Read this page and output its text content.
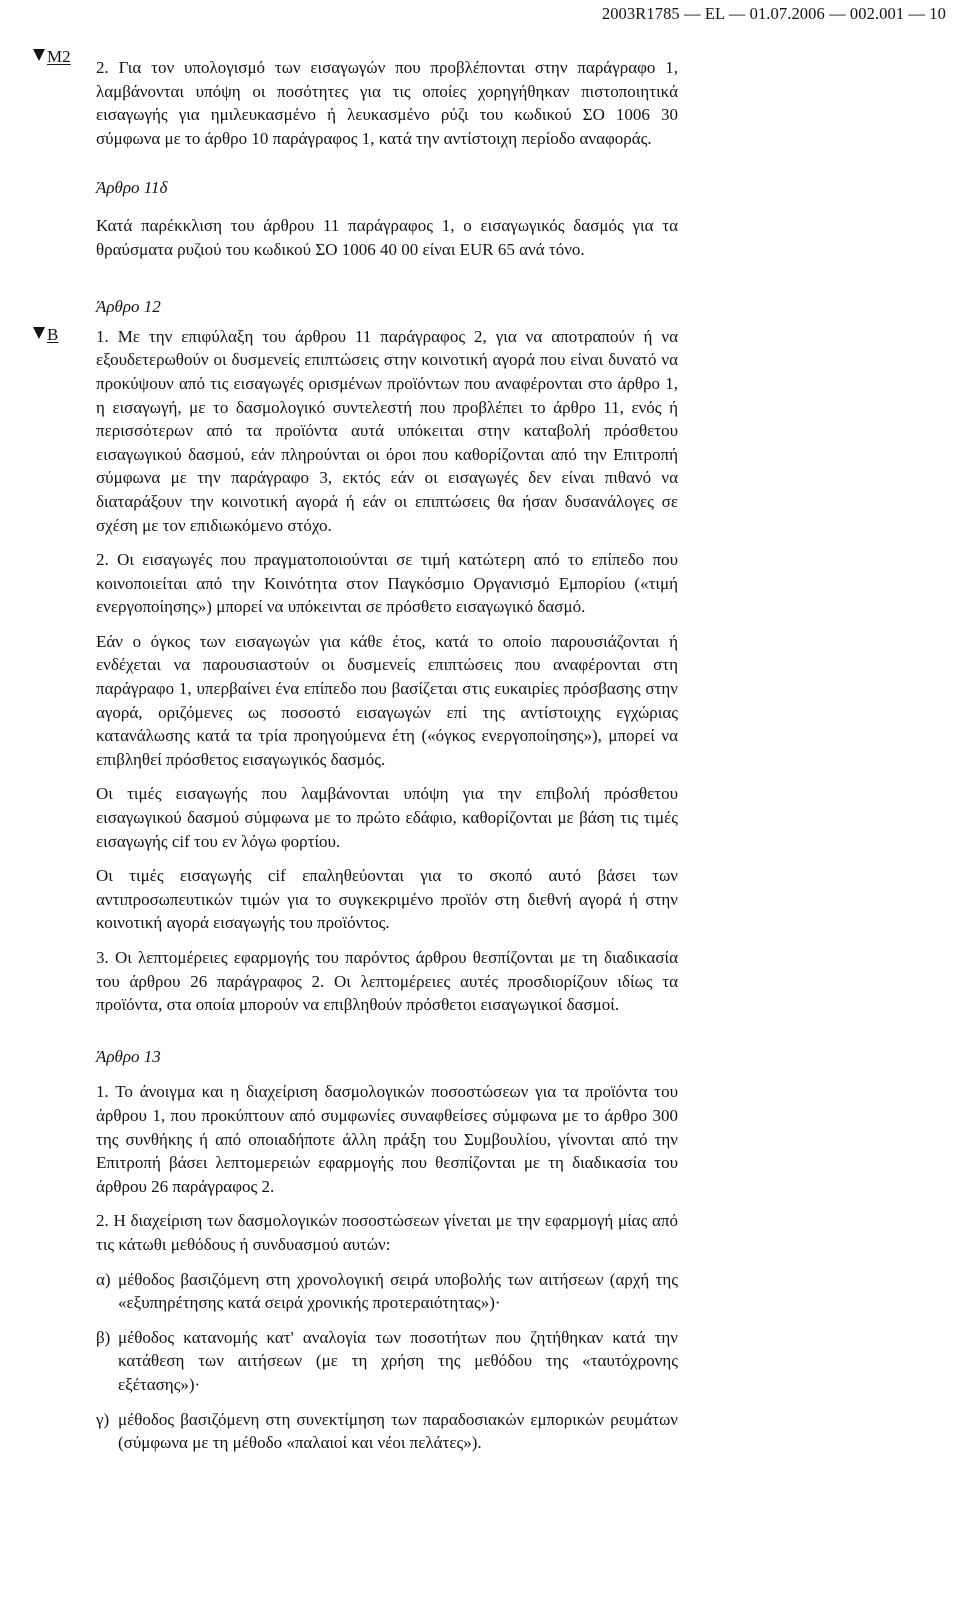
2003R1785 — EL — 01.07.2006 — 002.001 — 10
M2
B

2. Για τον υπολογισμό των εισαγωγών που προβλέπονται στην παράγραφο 1, λαμβάνονται υπόψη οι ποσότητες για τις οποίες χορηγήθηκαν πιστοποιητικά εισαγωγής για ημιλευκασμένο ή λευκασμένο ρύζι του κωδικού ΣΟ 1006 30 σύμφωνα με το άρθρο 10 παράγραφος 1, κατά την αντίστοιχη περίοδο αναφοράς.

Άρθρο 11δ

Κατά παρέκκλιση του άρθρου 11 παράγραφος 1, ο εισαγωγικός δασμός για τα θραύσματα ρυζιού του κωδικού ΣΟ 1006 40 00 είναι EUR 65 ανά τόνο.

Άρθρο 12

1. Με την επιφύλαξη του άρθρου 11 παράγραφος 2, για να αποτραπούν ή να εξουδετερωθούν οι δυσμενείς επιπτώσεις στην κοινοτική αγορά που είναι δυνατό να προκύψουν από τις εισαγωγές ορισμένων προϊόντων που αναφέρονται στο άρθρο 1, η εισαγωγή, με το δασμολογικό συντελεστή που προβλέπει το άρθρο 11, ενός ή περισσότερων από τα προϊόντα αυτά υπόκειται στην καταβολή πρόσθετου εισαγωγικού δασμού, εάν πληρούνται οι όροι που καθορίζονται από την Επιτροπή σύμφωνα με την παράγραφο 3, εκτός εάν οι εισαγωγές δεν είναι πιθανό να διαταράξουν την κοινοτική αγορά ή εάν οι επιπτώσεις θα ήσαν δυσανάλογες σε σχέση με τον επιδιωκόμενο στόχο.

2. Οι εισαγωγές που πραγματοποιούνται σε τιμή κατώτερη από το επίπεδο που κοινοποιείται από την Κοινότητα στον Παγκόσμιο Οργανισμό Εμπορίου («τιμή ενεργοποίησης») μπορεί να υπόκεινται σε πρόσθετο εισαγωγικό δασμό.

Εάν ο όγκος των εισαγωγών για κάθε έτος, κατά το οποίο παρουσιάζονται ή ενδέχεται να παρουσιαστούν οι δυσμενείς επιπτώσεις που αναφέρονται στη παράγραφο 1, υπερβαίνει ένα επίπεδο που βασίζεται στις ευκαιρίες πρόσβασης στην αγορά, οριζόμενες ως ποσοστό εισαγωγών επί της αντίστοιχης εγχώριας κατανάλωσης κατά τα τρία προηγούμενα έτη («όγκος ενεργοποίησης»), μπορεί να επιβληθεί πρόσθετος εισαγωγικός δασμός.

Οι τιμές εισαγωγής που λαμβάνονται υπόψη για την επιβολή πρόσθετου εισαγωγικού δασμού σύμφωνα με το πρώτο εδάφιο, καθορίζονται με βάση τις τιμές εισαγωγής cif του εν λόγω φορτίου.

Οι τιμές εισαγωγής cif επαληθεύονται για το σκοπό αυτό βάσει των αντιπροσωπευτικών τιμών για το συγκεκριμένο προϊόν στη διεθνή αγορά ή στην κοινοτική αγορά εισαγωγής του προϊόντος.

3. Οι λεπτομέρειες εφαρμογής του παρόντος άρθρου θεσπίζονται με τη διαδικασία του άρθρου 26 παράγραφος 2. Οι λεπτομέρειες αυτές προσδιορίζουν ιδίως τα προϊόντα, στα οποία μπορούν να επιβληθούν πρόσθετοι εισαγωγικοί δασμοί.

Άρθρο 13

1. Το άνοιγμα και η διαχείριση δασμολογικών ποσοστώσεων για τα προϊόντα του άρθρου 1, που προκύπτουν από συμφωνίες συναφθείσες σύμφωνα με το άρθρο 300 της συνθήκης ή από οποιαδήποτε άλλη πράξη του Συμβουλίου, γίνονται από την Επιτροπή βάσει λεπτομερειών εφαρμογής που θεσπίζονται με τη διαδικασία του άρθρου 26 παράγραφος 2.

2. Η διαχείριση των δασμολογικών ποσοστώσεων γίνεται με την εφαρμογή μίας από τις κάτωθι μεθόδους ή συνδυασμού αυτών:

α) μέθοδος βασιζόμενη στη χρονολογική σειρά υποβολής των αιτήσεων (αρχή της «εξυπηρέτησης κατά σειρά χρονικής προτεραιότητας»)·
β) μέθοδος κατανομής κατ' αναλογία των ποσοτήτων που ζητήθηκαν κατά την κατάθεση των αιτήσεων (με τη χρήση της μεθόδου της «ταυτόχρονης εξέτασης»)·
γ) μέθοδος βασιζόμενη στη συνεκτίμηση των παραδοσιακών εμπορικών ρευμάτων (σύμφωνα με τη μέθοδο «παλαιοί και νέοι πελάτες»).
